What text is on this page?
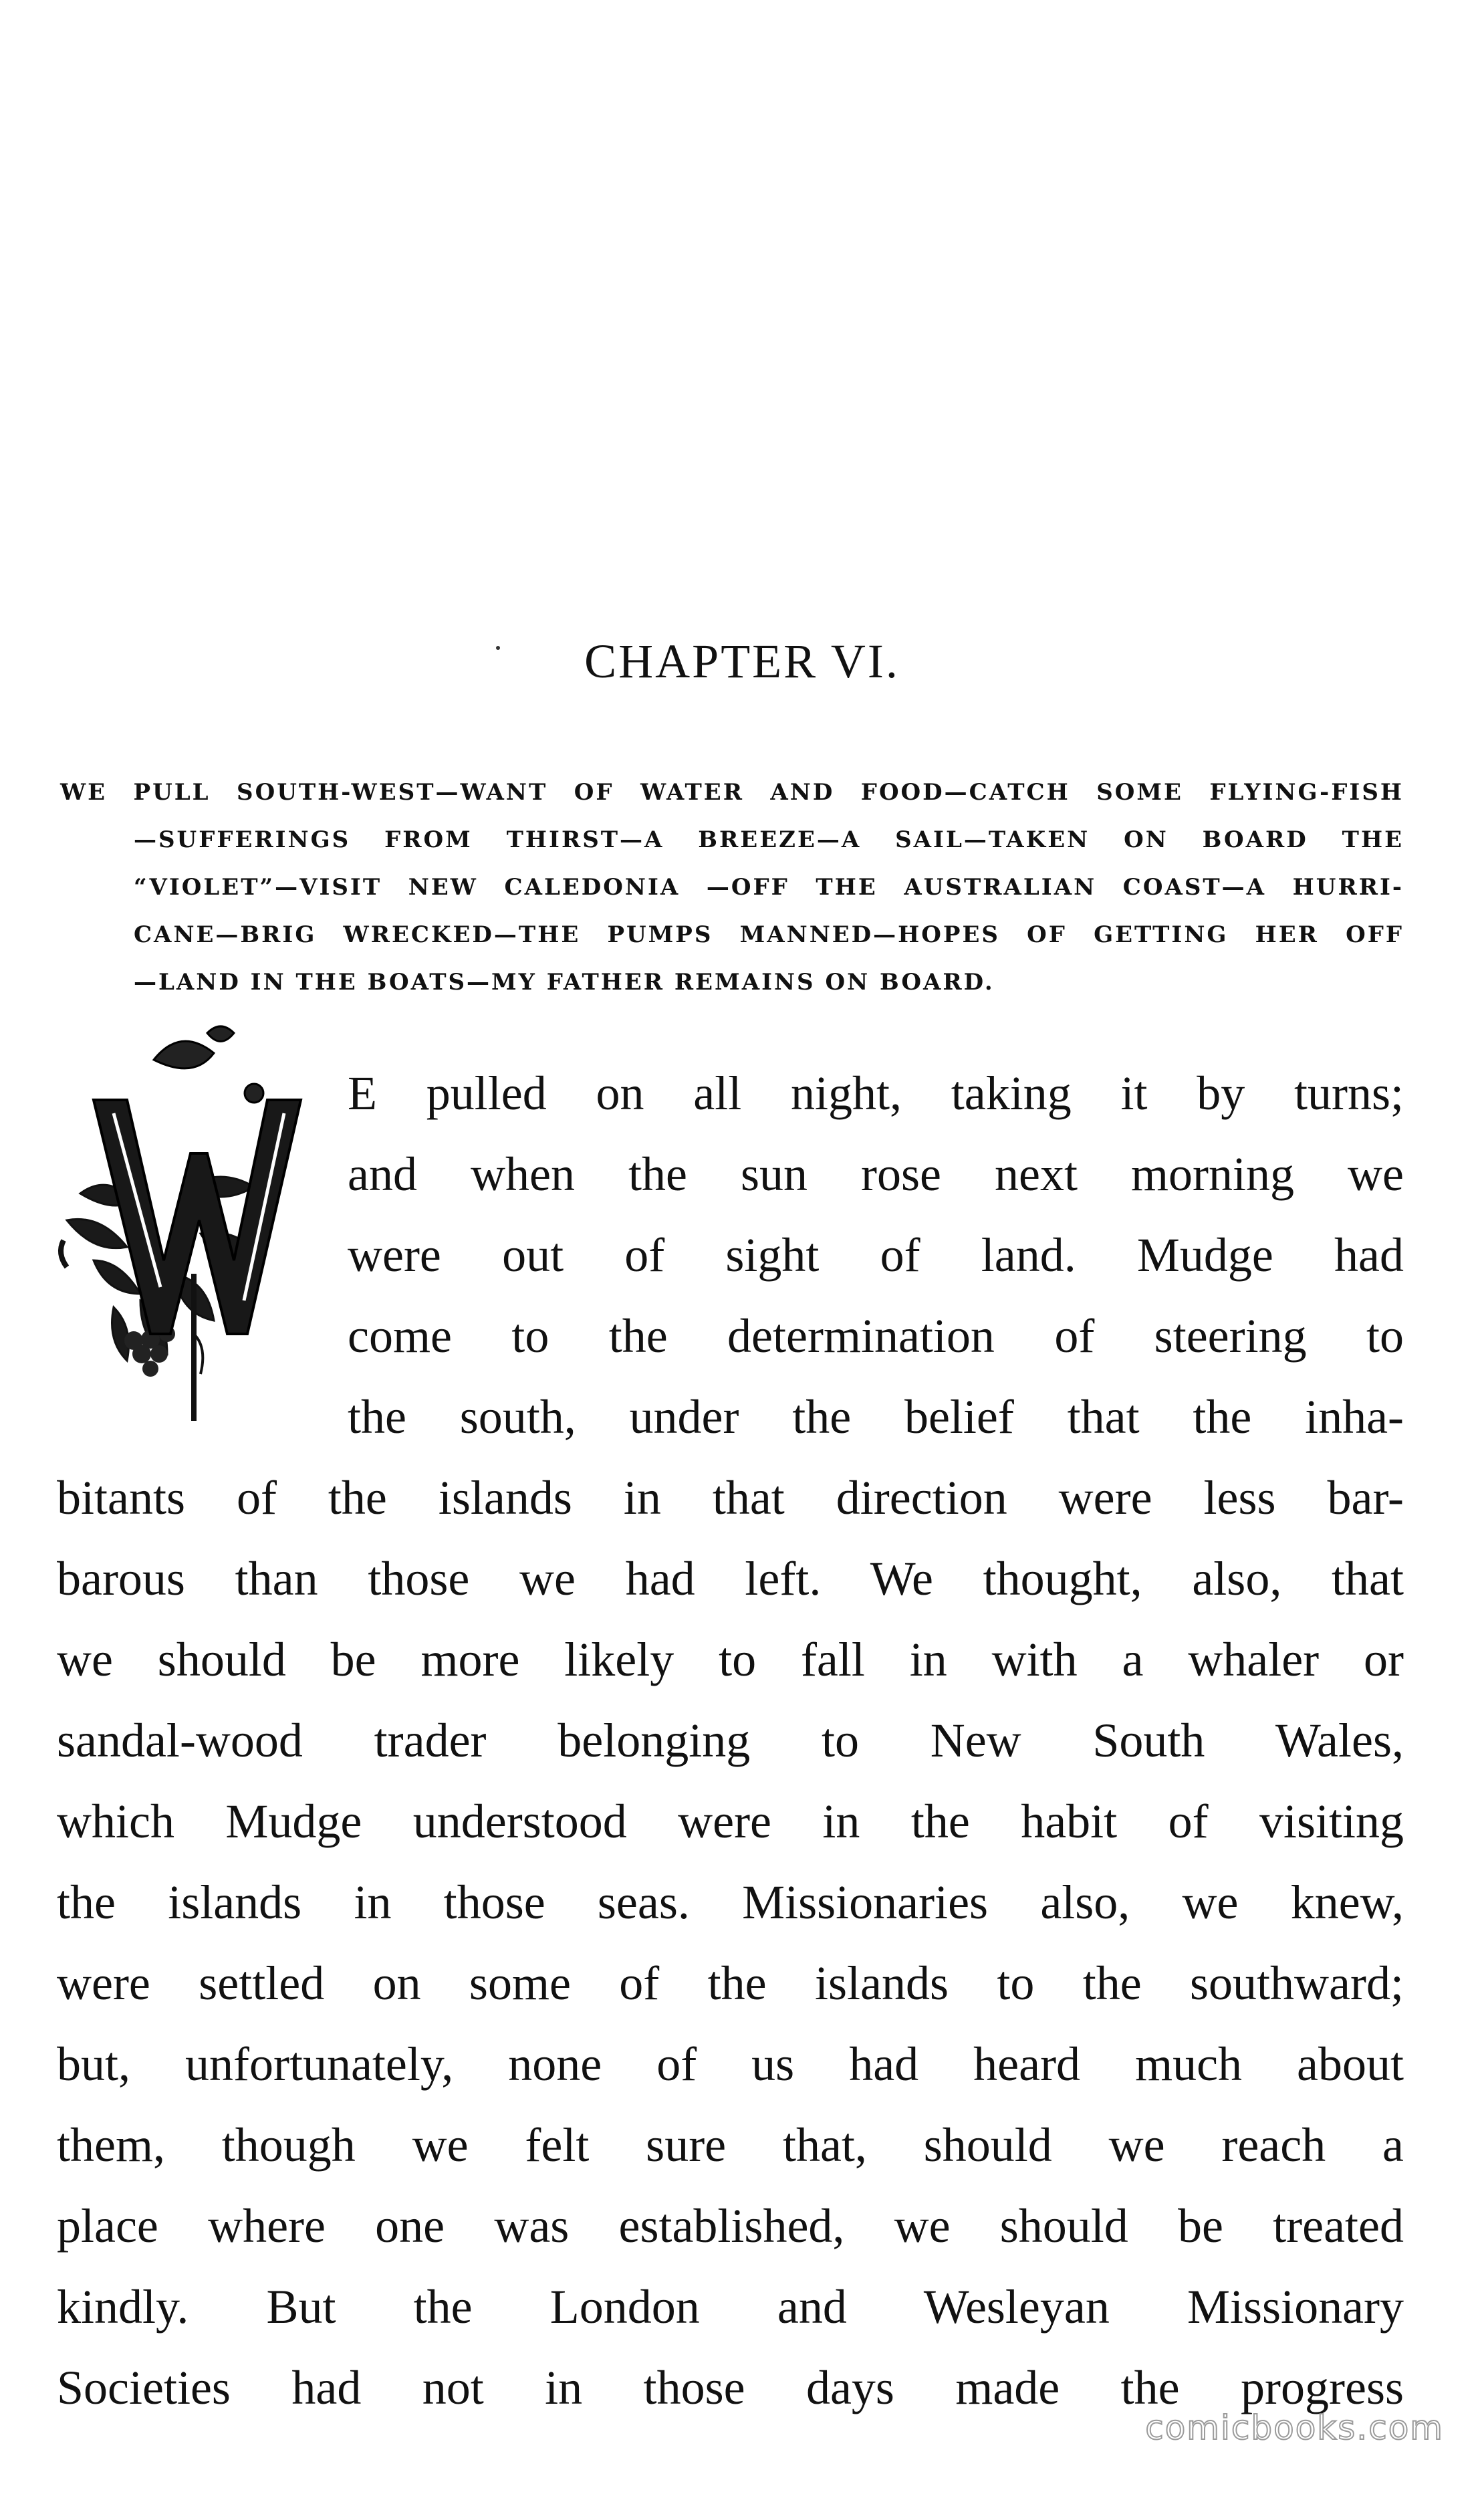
CHAPTER VI.
WE PULL SOUTH-WEST—WANT OF WATER AND FOOD—CATCH SOME FLYING-FISH
—SUFFERINGS FROM THIRST—A BREEZE—A SAIL—TAKEN ON BOARD THE
“VIOLET”—VISIT NEW CALEDONIA —OFF THE AUSTRALIAN COAST—A HURRI-
CANE—BRIG WRECKED—THE PUMPS MANNED—HOPES OF GETTING HER OFF
—LAND IN THE BOATS—MY FATHER REMAINS ON BOARD.
E pulled on all night, taking it by turns;
and when the sun rose next morning we
were out of sight of land. Mudge had
come to the determination of steering to
the south, under the belief that the inha-
bitants of the islands in that direction were less bar-
barous than those we had left. We thought, also, that
we should be more likely to fall in with a whaler or
sandal-wood trader belonging to New South Wales,
which Mudge understood were in the habit of visiting
the islands in those seas. Missionaries also, we knew,
were settled on some of the islands to the southward;
but, unfortunately, none of us had heard much about
them, though we felt sure that, should we reach a
place where one was established, we should be treated
kindly. But the London and Wesleyan Missionary
Societies had not in those days made the progress
comicbooks.com
